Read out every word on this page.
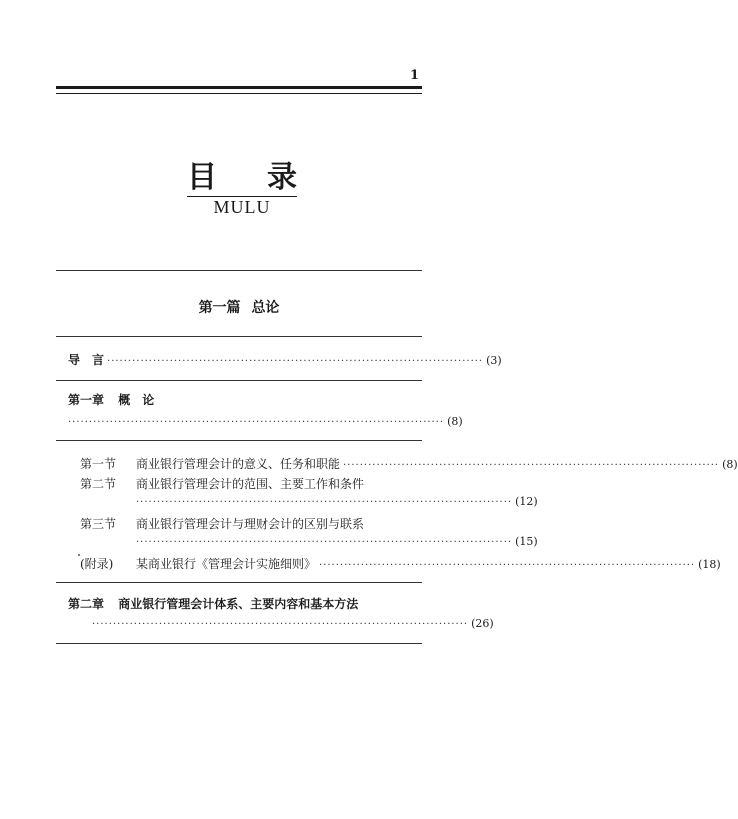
1
目 录
MULU
第一篇 总论
导　言 ·························································································· (3)
第一章 概　论
·························································································· (8)
第一节	商业银行管理会计的意义、任务和职能 ·························································································· (8)
第二节 商业银行管理会计的范围、主要工作和条件
·························································································· (12)
第三节 商业银行管理会计与理财会计的区别与联系
·························································································· (15)
(附录)	某商业银行《管理会计实施细则》 ·························································································· (18)
第二章 商业银行管理会计体系、主要内容和基本方法
·························································································· (26)
